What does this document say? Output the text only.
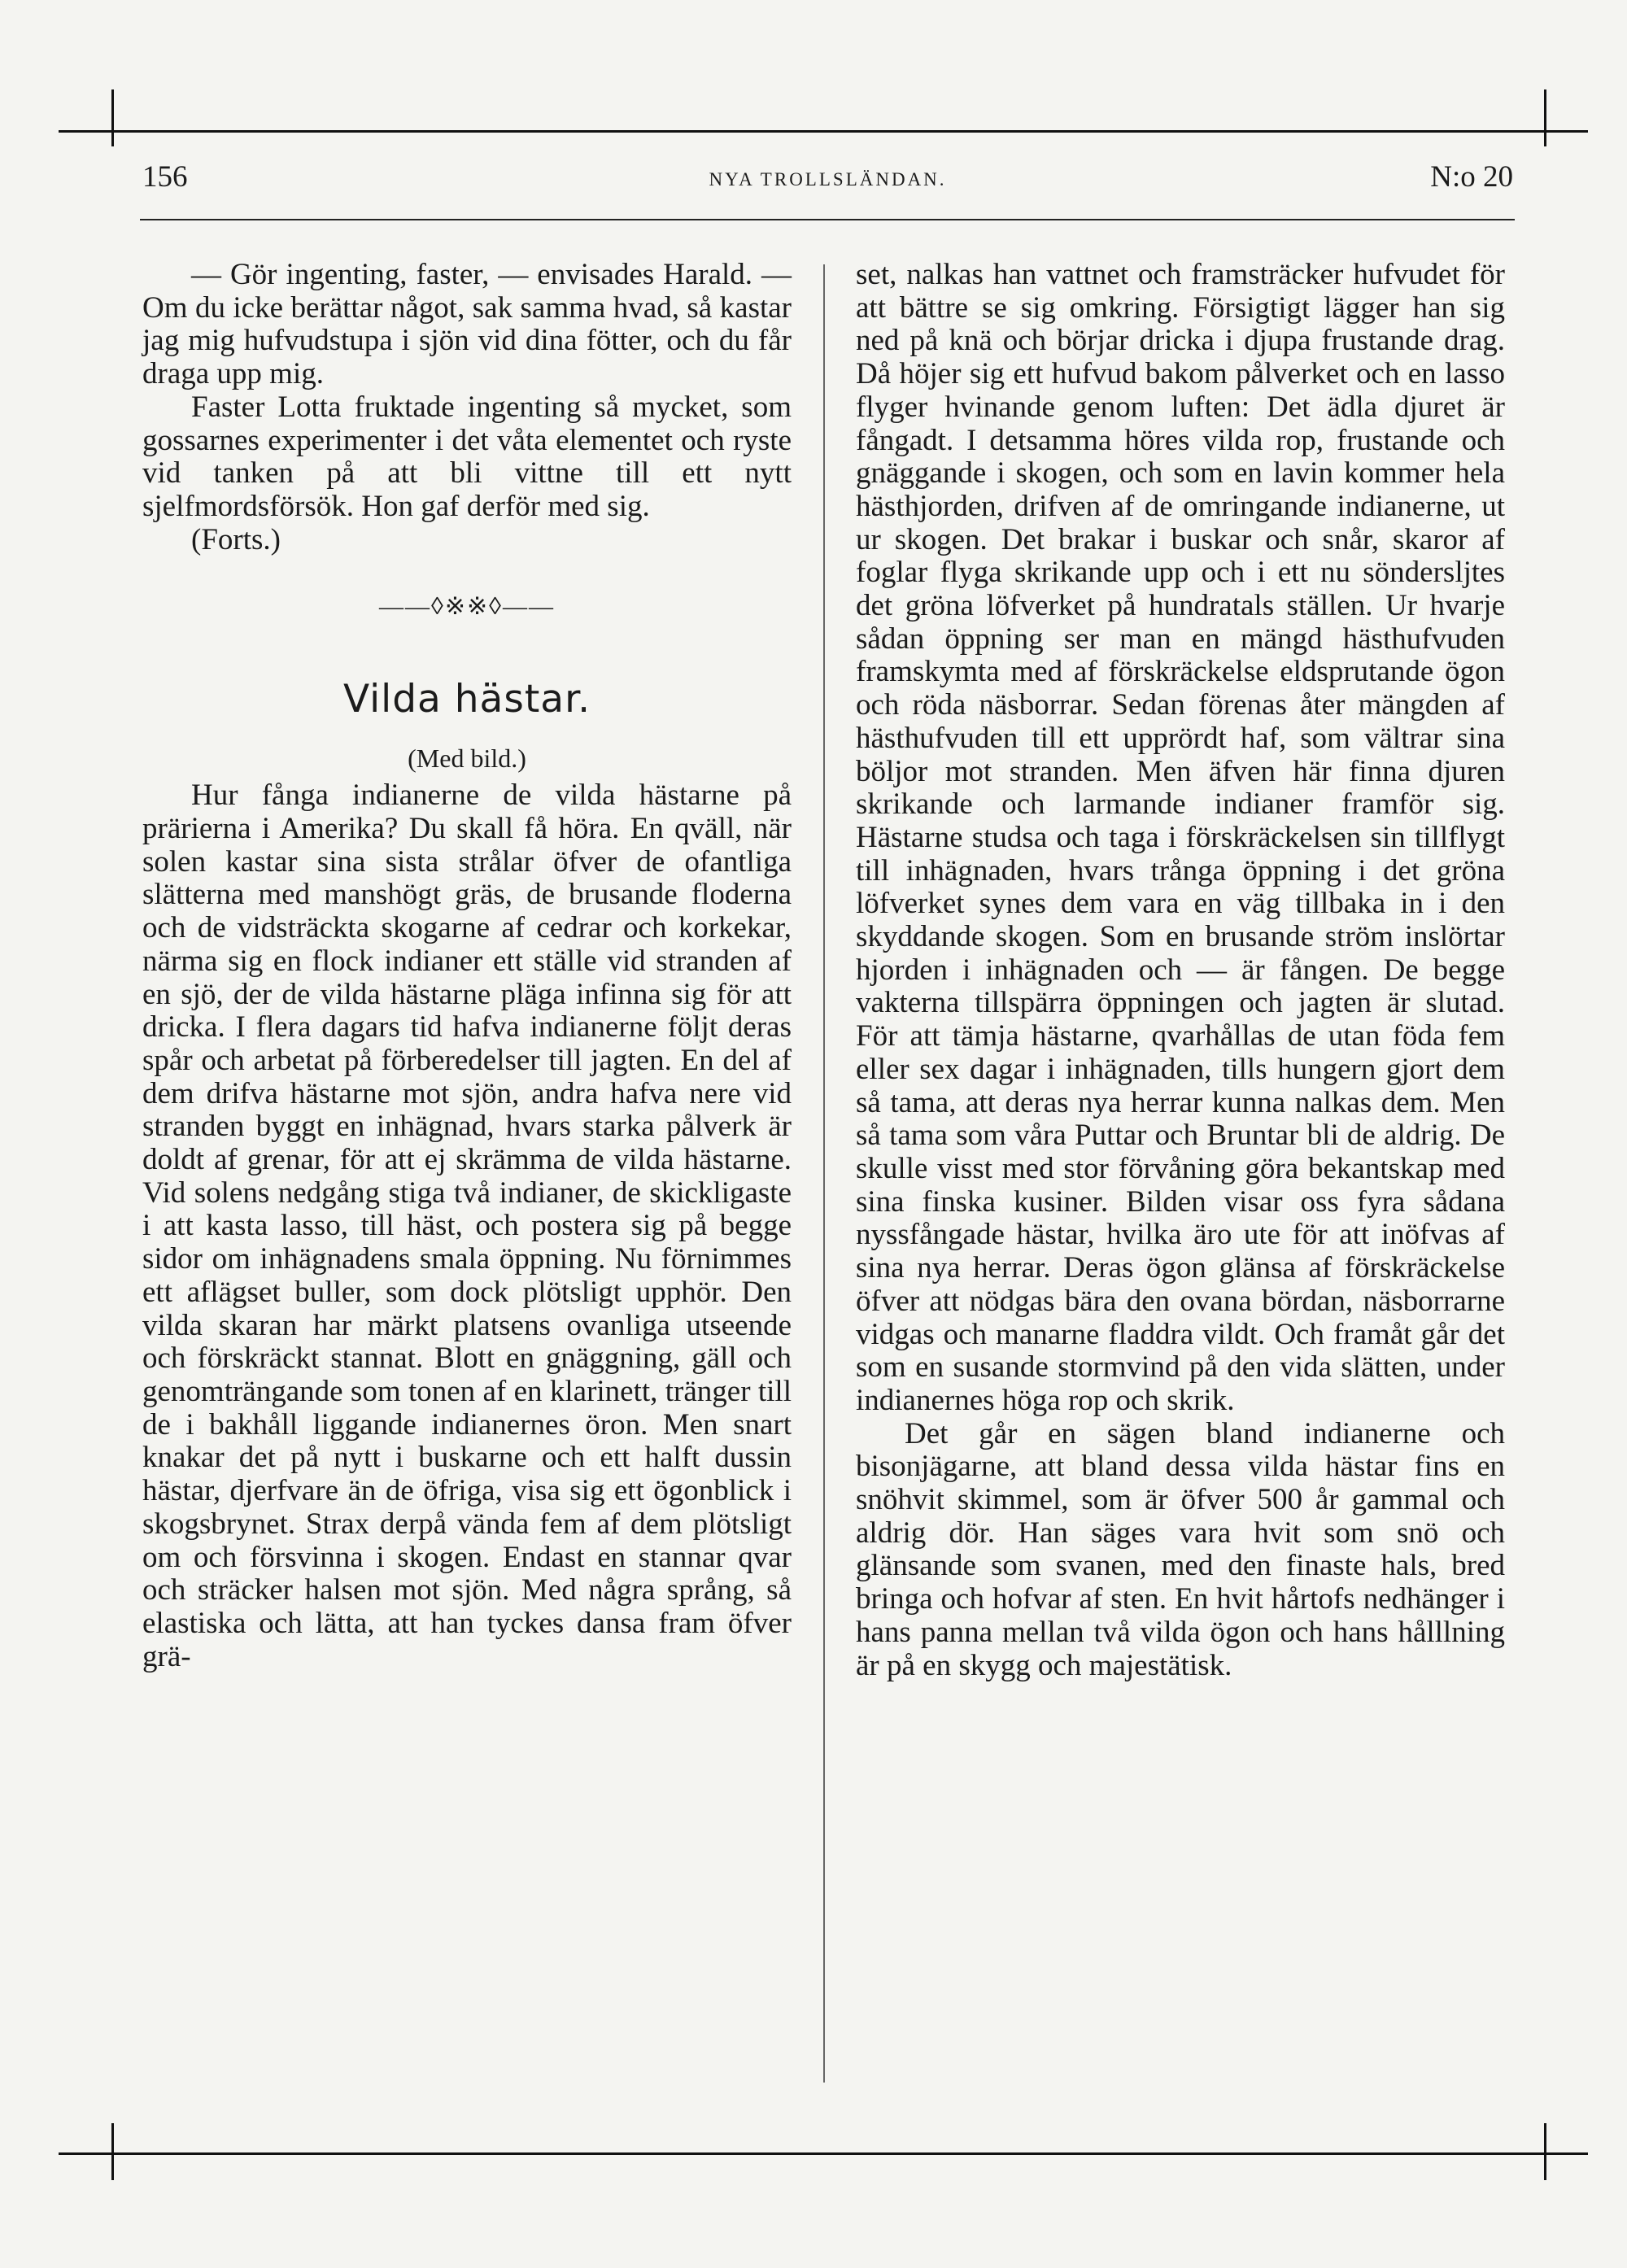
156	NYA TROLLSLÄNDAN.	N:o 20

— Gör ingenting, faster, — envisades Harald. — Om du icke berättar något, sak samma hvad, så kastar jag mig hufvudstupa i sjön vid dina fötter, och du får draga upp mig.

Faster Lotta fruktade ingenting så mycket, som gossarnes experimenter i det våta elementet och ryste vid tanken på att bli vittne till ett nytt sjelfmordsförsök. Hon gaf derför med sig.

(Forts.)

——◊※※◊——
Vilda hästar.
(Med bild.)

Hur fånga indianerne de vilda hästarne på prärierna i Amerika? Du skall få höra. En qväll, när solen kastar sina sista strålar öfver de ofantliga slätterna med manshögt gräs, de brusande floderna och de vidsträckta skogarne af cedrar och korkekar, närma sig en flock indianer ett ställe vid stranden af en sjö, der de vilda hästarne pläga infinna sig för att dricka. I flera dagars tid hafva indianerne följt deras spår och arbetat på förberedelser till jagten. En del af dem drifva hästarne mot sjön, andra hafva nere vid stranden byggt en inhägnad, hvars starka pålverk är doldt af grenar, för att ej skrämma de vilda hästarne. Vid solens nedgång stiga två indianer, de skickligaste i att kasta lasso, till häst, och postera sig på begge sidor om inhägnadens smala öppning. Nu förnimmes ett aflägset buller, som dock plötsligt upphör. Den vilda skaran har märkt platsens ovanliga utseende och förskräckt stannat. Blott en gnäggning, gäll och genomträngande som tonen af en klarinett, tränger till de i bakhåll liggande indianernes öron. Men snart knakar det på nytt i buskarne och ett halft dussin hästar, djerfvare än de öfriga, visa sig ett ögonblick i skogsbrynet. Strax derpå vända fem af dem plötsligt om och försvinna i skogen. Endast en stannar qvar och sträcker halsen mot sjön. Med några språng, så elastiska och lätta, att han tyckes dansa fram öfver grä-

set, nalkas han vattnet och framsträcker hufvudet för att bättre se sig omkring. Försigtigt lägger han sig ned på knä och börjar dricka i djupa frustande drag. Då höjer sig ett hufvud bakom pålverket och en lasso flyger hvinande genom luften: Det ädla djuret är fångadt. I detsamma höres vilda rop, frustande och gnäggande i skogen, och som en lavin kommer hela hästhjorden, drifven af de omringande indianerne, ut ur skogen. Det brakar i buskar och snår, skaror af foglar flyga skrikande upp och i ett nu söndersljtes det gröna löfverket på hundratals ställen. Ur hvarje sådan öppning ser man en mängd hästhufvuden framskymta med af förskräckelse eldsprutande ögon och röda näsborrar. Sedan förenas åter mängden af hästhufvuden till ett upprördt haf, som vältrar sina böljor mot stranden. Men äfven här finna djuren skrikande och larmande indianer framför sig. Hästarne studsa och taga i förskräckelsen sin tillflygt till inhägnaden, hvars trånga öppning i det gröna löfverket synes dem vara en väg tillbaka in i den skyddande skogen. Som en brusande ström inslörtar hjorden i inhägnaden och — är fången. De begge vakterna tillspärra öppningen och jagten är slutad. För att tämja hästarne, qvarhållas de utan föda fem eller sex dagar i inhägnaden, tills hungern gjort dem så tama, att deras nya herrar kunna nalkas dem. Men så tama som våra Puttar och Bruntar bli de aldrig. De skulle visst med stor förvåning göra bekantskap med sina finska kusiner. Bilden visar oss fyra sådana nyssfångade hästar, hvilka äro ute för att inöfvas af sina nya herrar. Deras ögon glänsa af förskräckelse öfver att nödgas bära den ovana bördan, näsborrarne vidgas och manarne fladdra vildt. Och framåt går det som en susande stormvind på den vida slätten, under indianernes höga rop och skrik.

Det går en sägen bland indianerne och bisonjägarne, att bland dessa vilda hästar fins en snöhvit skimmel, som är öfver 500 år gammal och aldrig dör. Han säges vara hvit som snö och glänsande som svanen, med den finaste hals, bred bringa och hofvar af sten. En hvit hårtofs nedhänger i hans panna mellan två vilda ögon och hans hålllning är på en skygg och majestätisk.
